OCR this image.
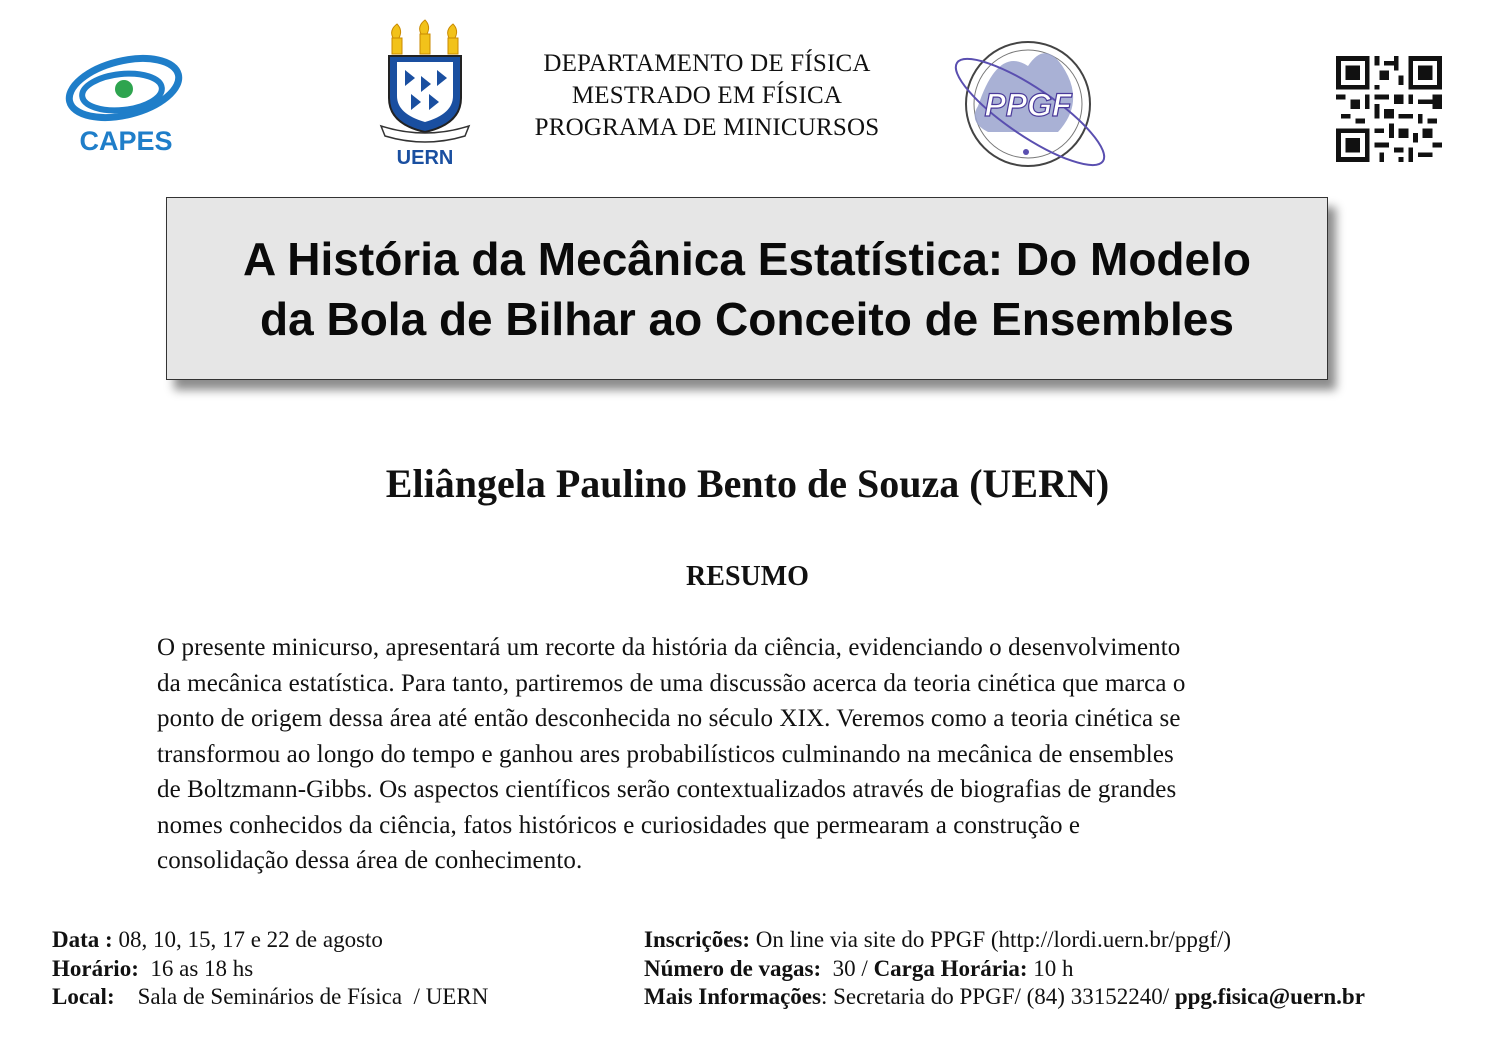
CAPES
UERN
DEPARTAMENTO DE FÍSICA
MESTRADO EM FÍSICA
PROGRAMA DE MINICURSOS
PPGF
A História da Mecânica Estatística: Do Modelo
da Bola de Bilhar ao Conceito de Ensembles
Eliângela Paulino Bento de Souza (UERN)
RESUMO
O presente minicurso, apresentará um recorte da história da ciência, evidenciando o desenvolvimento
da mecânica estatística. Para tanto, partiremos de uma discussão acerca da teoria cinética que marca o
ponto de origem dessa área até então desconhecida no século XIX. Veremos como a teoria cinética se
transformou ao longo do tempo e ganhou ares probabilísticos culminando na mecânica de ensembles
de Boltzmann-Gibbs. Os aspectos científicos serão contextualizados através de biografias de grandes
nomes conhecidos da ciência, fatos históricos e curiosidades que permearam a construção e
consolidação dessa área de conhecimento.
Data : 08, 10, 15, 17 e 22 de agosto
Horário:  16 as 18 hs
Local:    Sala de Seminários de Física  / UERN
Inscrições: On line via site do PPGF (http://lordi.uern.br/ppgf/)
Número de vagas:  30 / Carga Horária: 10 h
Mais Informações: Secretaria do PPGF/ (84) 33152240/ ppg.fisica@uern.br
